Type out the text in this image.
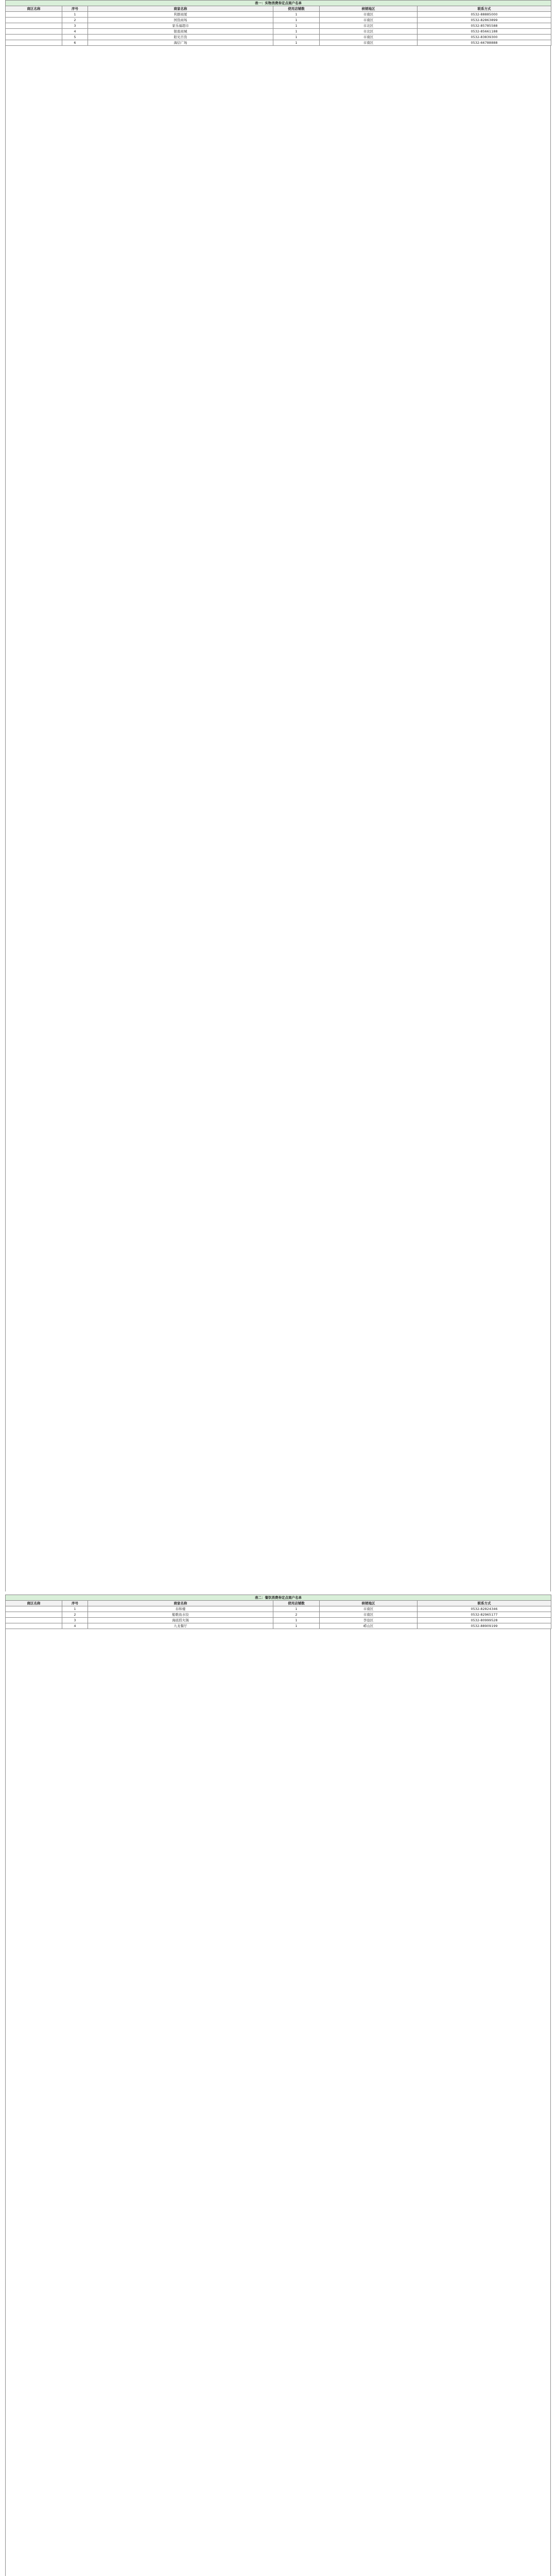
表一：实物消费券定点商户名单					
商区名称	序号	商家名称	使用店铺数	核销地区	联系方式
	1	利群商厦	1	市南区	0532-88885000
	2	国货商场	1	市南区	0532-82863899
	3	家乐福超市	1	市北区	0532-85785588
	4	银座商城	1	市北区	0532-85661188
	5	阳光百货	1	市南区	0532-83839300
	6	海信广场	1	市南区	0532-66788888
表二：餐饮消费券定点商户名单					
商区名称	序号	商家名称	使用店铺数	核销地区	联系方式
	1	春和楼	1	市南区	0532-82824346
	2	船歌鱼水饺	2	市南区	0532-82965177
	3	海底捞火锅	1	李沧区	0532-80999528
	4	九龙餐厅	1	崂山区	0532-88909199
